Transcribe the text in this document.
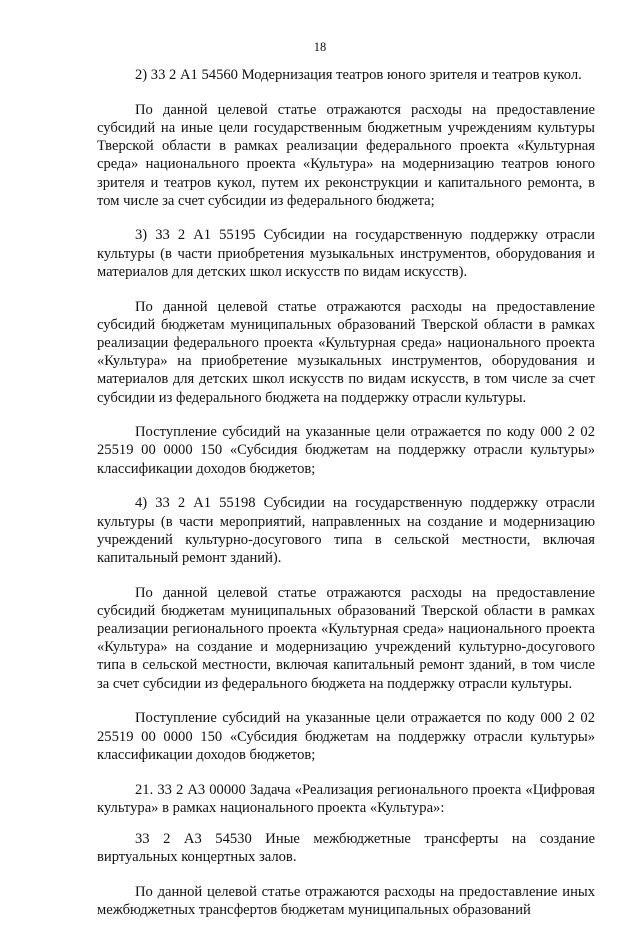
18

2) 33 2 А1 54560 Модернизация театров юного зрителя и театров кукол.

По данной целевой статье отражаются расходы на предоставление субсидий на иные цели государственным бюджетным учреждениям культуры Тверской области в рамках реализации федерального проекта «Культурная среда» национального проекта «Культура» на модернизацию театров юного зрителя и театров кукол, путем их реконструкции и капитального ремонта, в том числе за счет субсидии из федерального бюджета;

3) 33 2 А1 55195 Субсидии на государственную поддержку отрасли культуры (в части приобретения музыкальных инструментов, оборудования и материалов для детских школ искусств по видам искусств).

По данной целевой статье отражаются расходы на предоставление субсидий бюджетам муниципальных образований Тверской области в рамках реализации федерального проекта «Культурная среда» национального проекта «Культура» на приобретение музыкальных инструментов, оборудования и материалов для детских школ искусств по видам искусств, в том числе за счет субсидии из федерального бюджета на поддержку отрасли культуры.

Поступление субсидий на указанные цели отражается по коду 000 2 02 25519 00 0000 150 «Субсидия бюджетам на поддержку отрасли культуры» классификации доходов бюджетов;

4) 33 2 А1 55198 Субсидии на государственную поддержку отрасли культуры (в части мероприятий, направленных на создание и модернизацию учреждений культурно-досугового типа в сельской местности, включая капитальный ремонт зданий).

По данной целевой статье отражаются расходы на предоставление субсидий бюджетам муниципальных образований Тверской области в рамках реализации регионального проекта «Культурная среда» национального проекта «Культура» на создание и модернизацию учреждений культурно-досугового типа в сельской местности, включая капитальный ремонт зданий, в том числе за счет субсидии из федерального бюджета на поддержку отрасли культуры.

Поступление субсидий на указанные цели отражается по коду 000 2 02 25519 00 0000 150 «Субсидия бюджетам на поддержку отрасли культуры» классификации доходов бюджетов;

21. 33 2 А3 00000 Задача «Реализация регионального проекта «Цифровая культура» в рамках национального проекта «Культура»:

33 2 А3 54530 Иные межбюджетные трансферты на создание виртуальных концертных залов.

По данной целевой статье отражаются расходы на предоставление иных межбюджетных трансфертов бюджетам муниципальных образований
